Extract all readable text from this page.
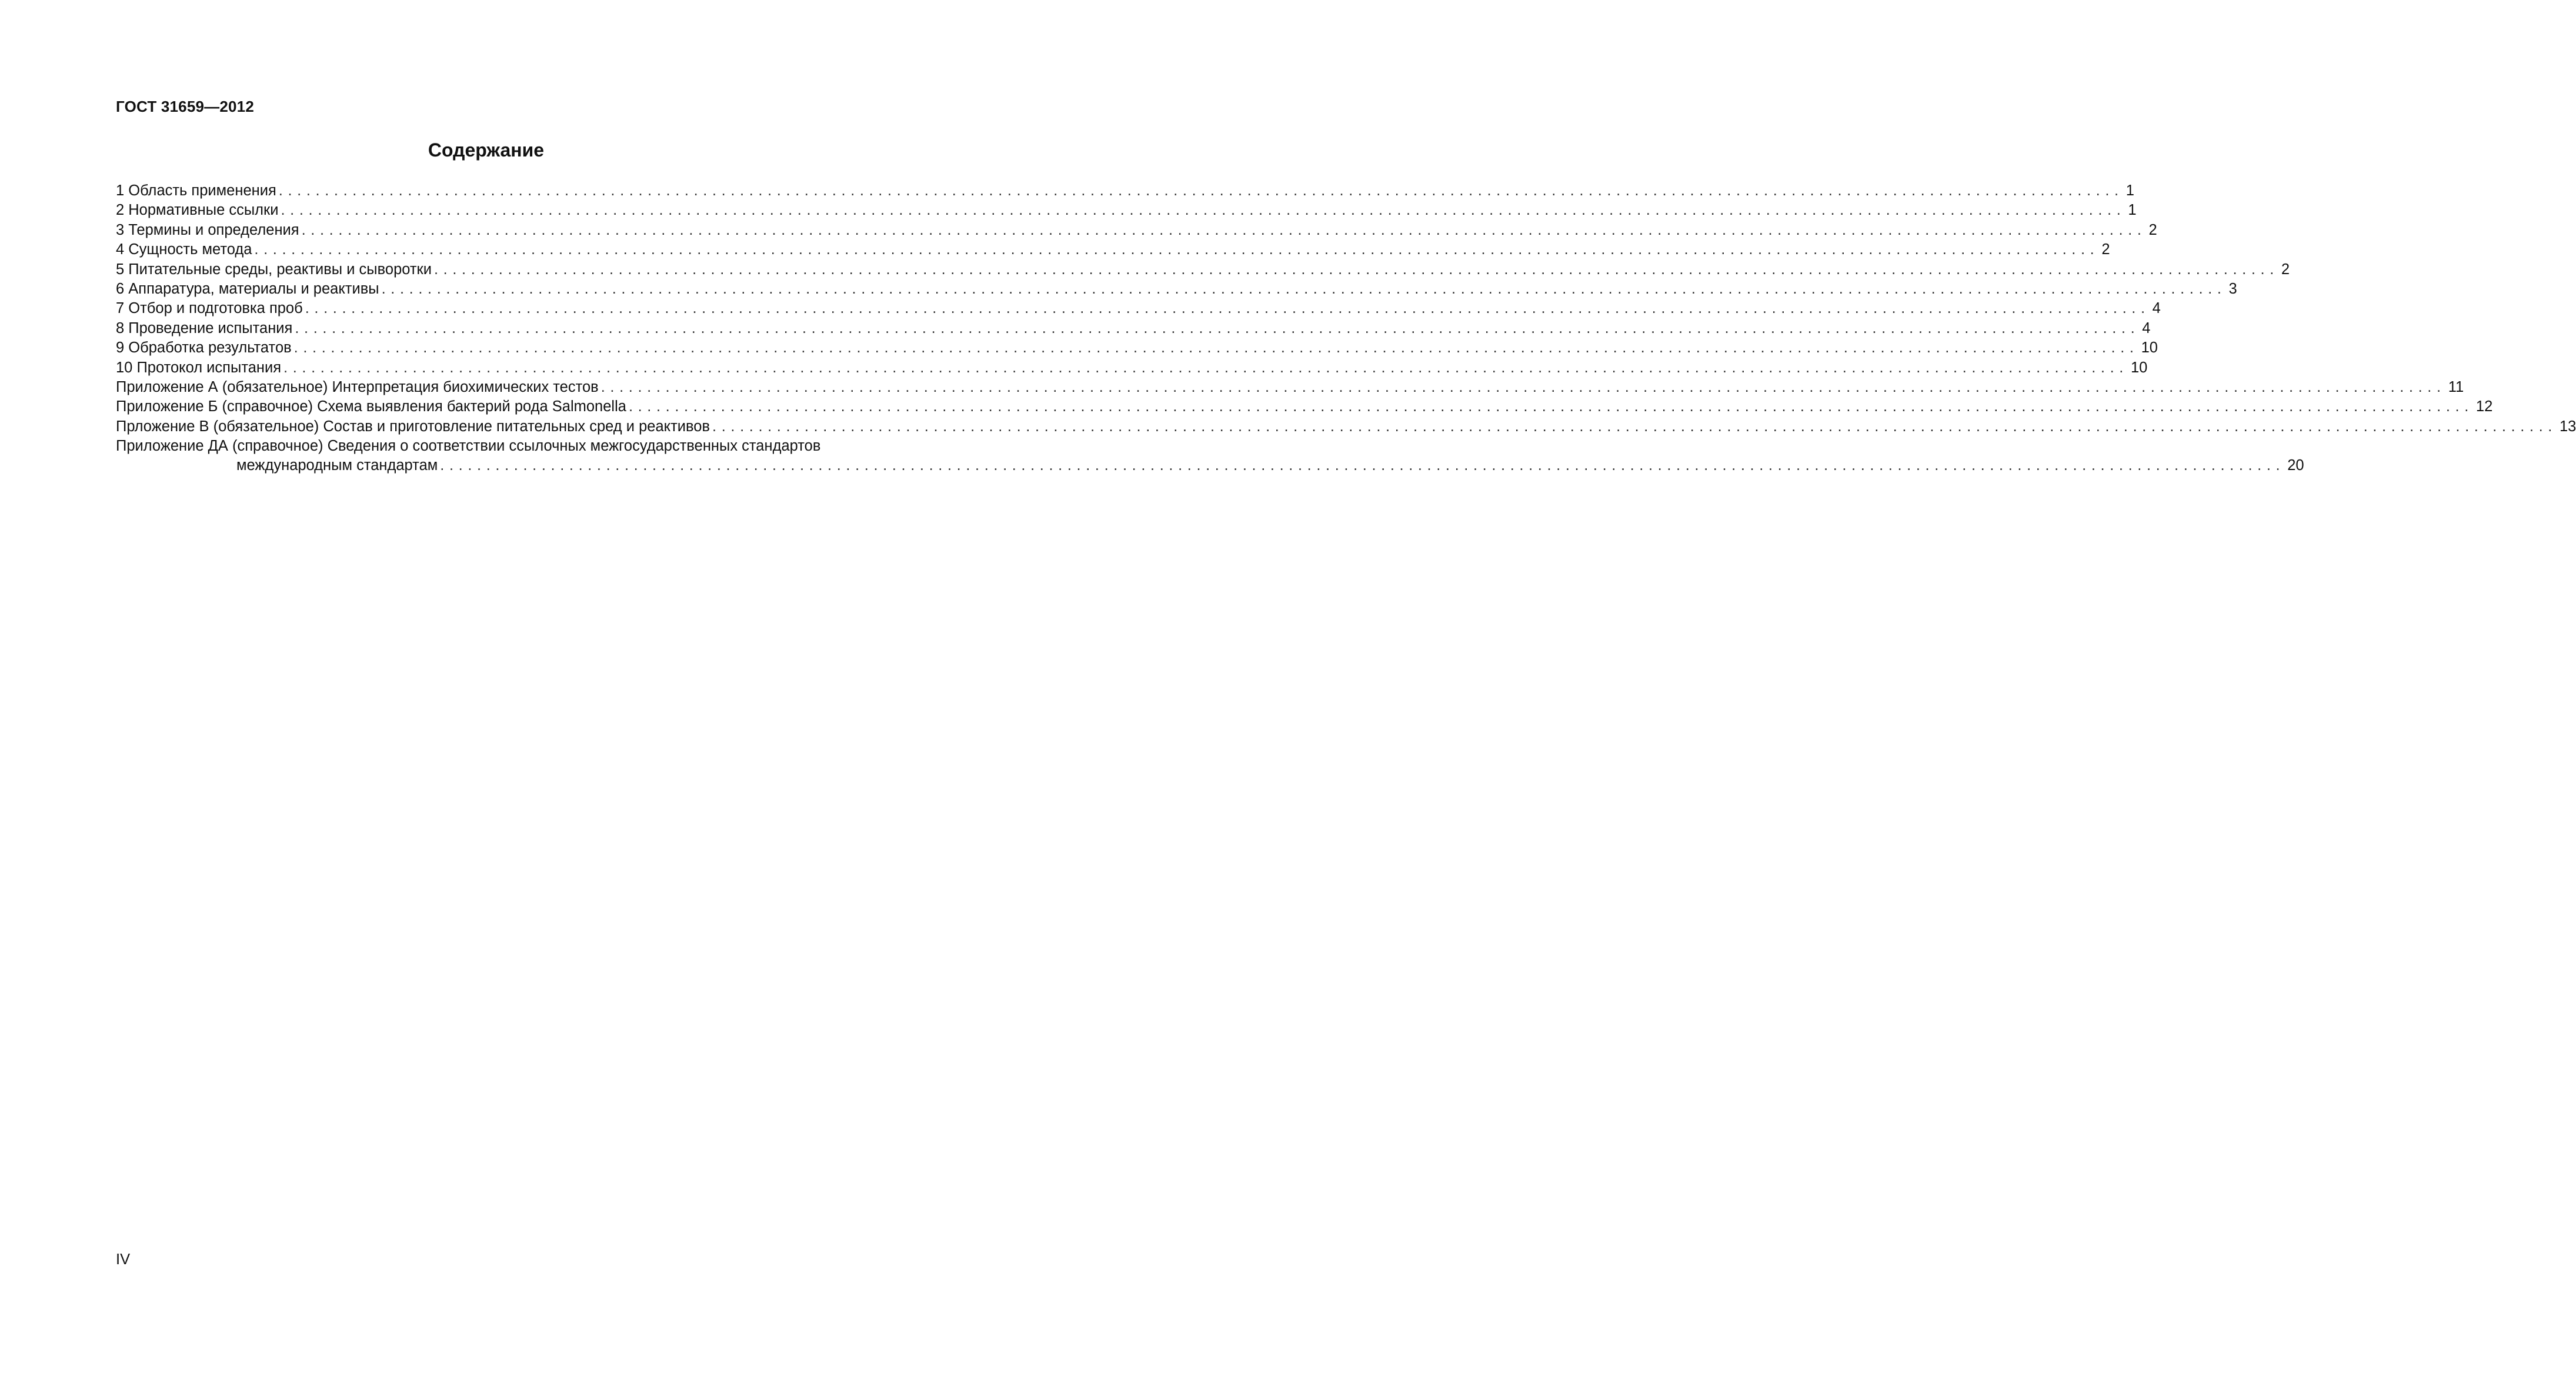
ГОСТ 31659—2012
Содержание
1 Область применения ........................................................................................................................................................................................................ 1
2 Нормативные ссылки ........................................................................................................................................................................................................ 1
3 Термины и определения ........................................................................................................................................................................................................ 2
4 Сущность метода ........................................................................................................................................................................................................ 2
5 Питательные среды, реактивы и сыворотки ........................................................................................................................................................................................................ 2
6 Аппаратура, материалы и реактивы ........................................................................................................................................................................................................ 3
7 Отбор и подготовка проб ........................................................................................................................................................................................................ 4
8 Проведение испытания ........................................................................................................................................................................................................ 4
9 Обработка результатов ........................................................................................................................................................................................................ 10
10 Протокол испытания ........................................................................................................................................................................................................ 10
Приложение А (обязательное) Интерпретация биохимических тестов ........................................................................................................................................................................................................ 11
Приложение Б (справочное) Схема выявления бактерий рода Salmonella ........................................................................................................................................................................................................ 12
Прложение В (обязательное) Состав и приготовление питательных сред и реактивов ........................................................................................................................................................................................................ 13
Приложение ДА (справочное) Сведения о соответствии ссылочных межгосударственных стандартов
международным стандартам ........................................................................................................................................................................................................ 20
IV
